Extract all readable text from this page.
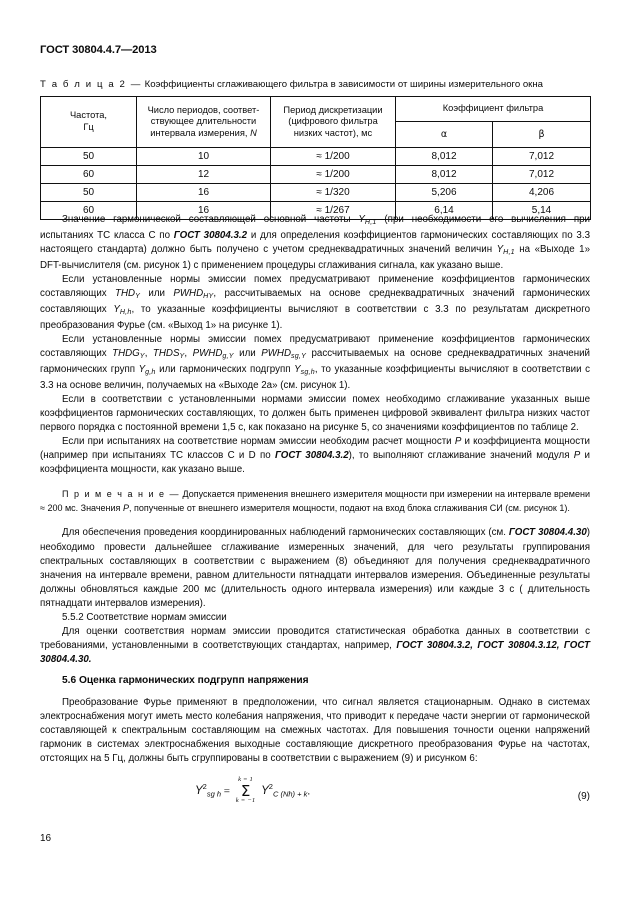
ГОСТ 30804.4.7—2013
Т а б л и ц а 2 — Коэффициенты сглаживающего фильтра в зависимости от ширины измерительного окна
Частота,
Гц	Число периодов, соответ-
ствующее длительности
интервала измерения, N	Период дискретизации
(цифрового фильтра
низких частот), мс	Коэффициент фильтра	
			α	β
50	10	≈ 1/200	8,012	7,012
60	12	≈ 1/200	8,012	7,012
50	16	≈ 1/320	5,206	4,206
60	16	≈ 1/267	6,14	5,14

Значение гармонической составляющей основной частоты $Y_{H,1}$ (при необходимости его вычисления при испытаниях ТС класса С по ГОСТ 30804.3.2 и для определения коэффициентов гармонических составляющих по 3.3 настоящего стандарта) должно быть получено с учетом среднеквадратичных значений величин $Y_{H,1}$ на «Выходе 1» DFT-вычислителя (см. рисунок 1) с применением процедуры сглаживания сигнала, как указано выше.

Если установленные нормы эмиссии помех предусматривают применение коэффициентов гармонических составляющих $THD_Y$ или $PWHD_{HY}$, рассчитываемых на основе среднеквадратичных значений гармонических составляющих $Y_{H,h}$, то указанные коэффициенты вычисляют в соответствии с 3.3 по результатам дискретного преобразования Фурье (см. «Выход 1» на рисунке 1).

Если установленные нормы эмиссии помех предусматривают применение коэффициентов гармонических составляющих $THDG_Y$, $THDS_Y$, $PWHD_{g,Y}$ или $PWHD_{sg,Y}$ рассчитываемых на основе среднеквадратичных значений гармонических групп $Y_{g,h}$ или гармонических подгрупп $Y_{sg,h}$, то указанные коэффициенты вычисляют в соответствии с 3.3 на основе величин, получаемых на «Выходе 2а» (см. рисунок 1).

Если в соответствии с установленными нормами эмиссии помех необходимо сглаживание указанных выше коэффициентов гармонических составляющих, то должен быть применен цифровой эквивалент фильтра низких частот первого порядка с постоянной времени 1,5 с, как показано на рисунке 5, со значениями коэффициентов по таблице 2.

Если при испытаниях на соответствие нормам эмиссии необходим расчет мощности P и коэффициента мощности (например при испытаниях ТС классов С и D по ГОСТ 30804.3.2), то выполняют сглаживание значений модуля P и коэффициента мощности, как указано выше.

П р и м е ч а н и е — Допускается применения внешнего измерителя мощности при измерении на интервале времени ≈ 200 мс. Значения P, попученные от внешнего измерителя мощности, подают на вход блока сглаживания СИ (см. рисунок 1).

Для обеспечения проведения координированных наблюдений гармонических составляющих (см. ГОСТ 30804.4.30) необходимо провести дальнейшее сглаживание измеренных значений, для чего результаты группирования спектральных составляющих в соответствии с выражением (8) объединяют для получения среднеквадратичного значения на интервале времени, равном длительности пятнадцати интервалов измерения. Объединенные результаты должны обновляться каждые 200 мс (длительность одного интервала измерения) или каждые 3 с ( длительность пятнадцати интервалов измерения).

5.5.2 Соответствие нормам эмиссии

Для оценки соответствия нормам эмиссии проводится статистическая обработка данных в соответствии с требованиями, установленными в соответствующих стандартах, например, ГОСТ 30804.3.2, ГОСТ 30804.3.12, ГОСТ 30804.4.30.

5.6 Оценка гармонических подгрупп напряжения

Преобразование Фурье применяют в предположении, что сигнал является стационарным. Однако в системах электроснабжения могут иметь место колебания напряжения, что приводит к передаче части энергии от гармонической составляющей к спектральным составляющим на смежных частотах. Для повышения точности оценки напряжений гармоник в системах электроснабжения выходные составляющие дискретного преобразования Фурье на частотах, отстоящих на 5 Гц, должны быть сгруппированы в соответствии с выражением (9) и рисунком 6:

$Y^2sg$ h =
k = 1
Σ
k = −1
$Y^2C$ (Nh) + k.	(9)
16
